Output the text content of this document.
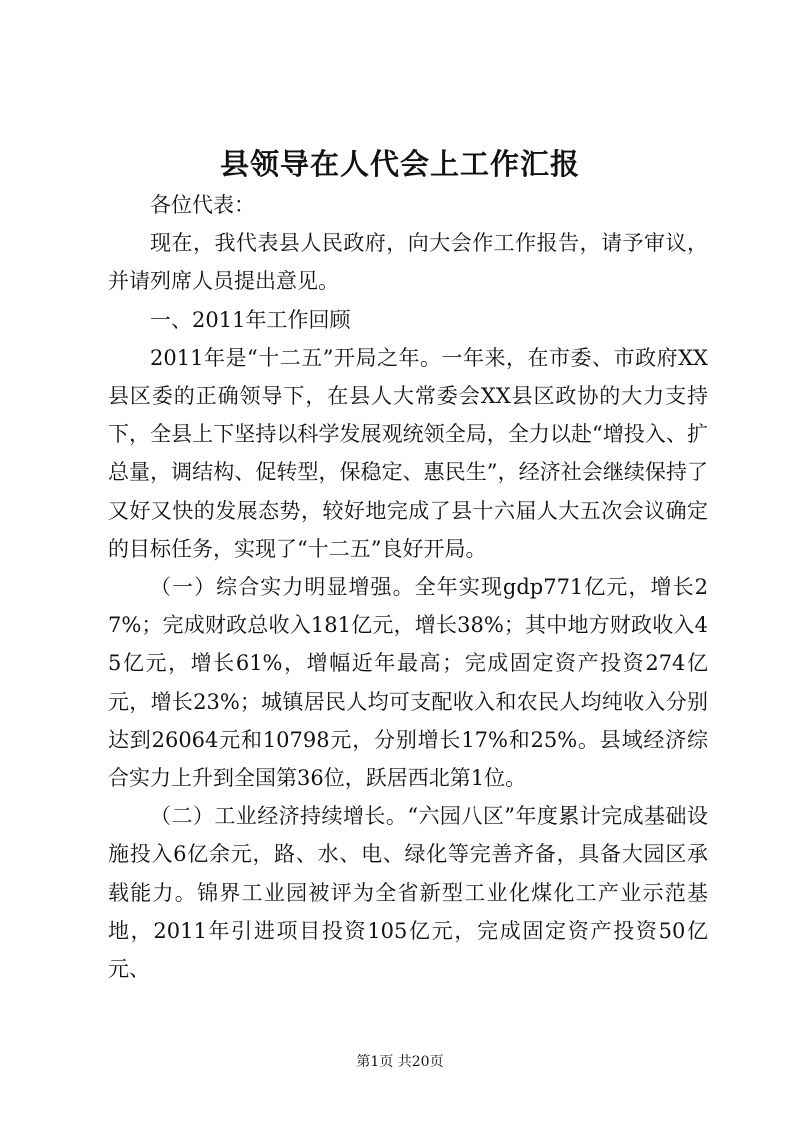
县领导在人代会上工作汇报

各位代表：

现在，我代表县人民政府，向大会作工作报告，请予审议，并请列席人员提出意见。

一、2011年工作回顾

2011年是“十二五”开局之年。一年来，在市委、市政府XX县区委的正确领导下，在县人大常委会XX县区政协的大力支持下，全县上下坚持以科学发展观统领全局，全力以赴“增投入、扩总量，调结构、促转型，保稳定、惠民生”，经济社会继续保持了又好又快的发展态势，较好地完成了县十六届人大五次会议确定的目标任务，实现了“十二五”良好开局。

（一）综合实力明显增强。全年实现gdp771亿元，增长27%；完成财政总收入181亿元，增长38%；其中地方财政收入45亿元，增长61%，增幅近年最高；完成固定资产投资274亿元，增长23%；城镇居民人均可支配收入和农民人均纯收入分别达到26064元和10798元，分别增长17%和25%。县域经济综合实力上升到全国第36位，跃居西北第1位。

（二）工业经济持续增长。“六园八区”年度累计完成基础设施投入6亿余元，路、水、电、绿化等完善齐备，具备大园区承载能力。锦界工业园被评为全省新型工业化煤化工产业示范基地，2011年引进项目投资105亿元，完成固定资产投资50亿元、

第1页 共20页
